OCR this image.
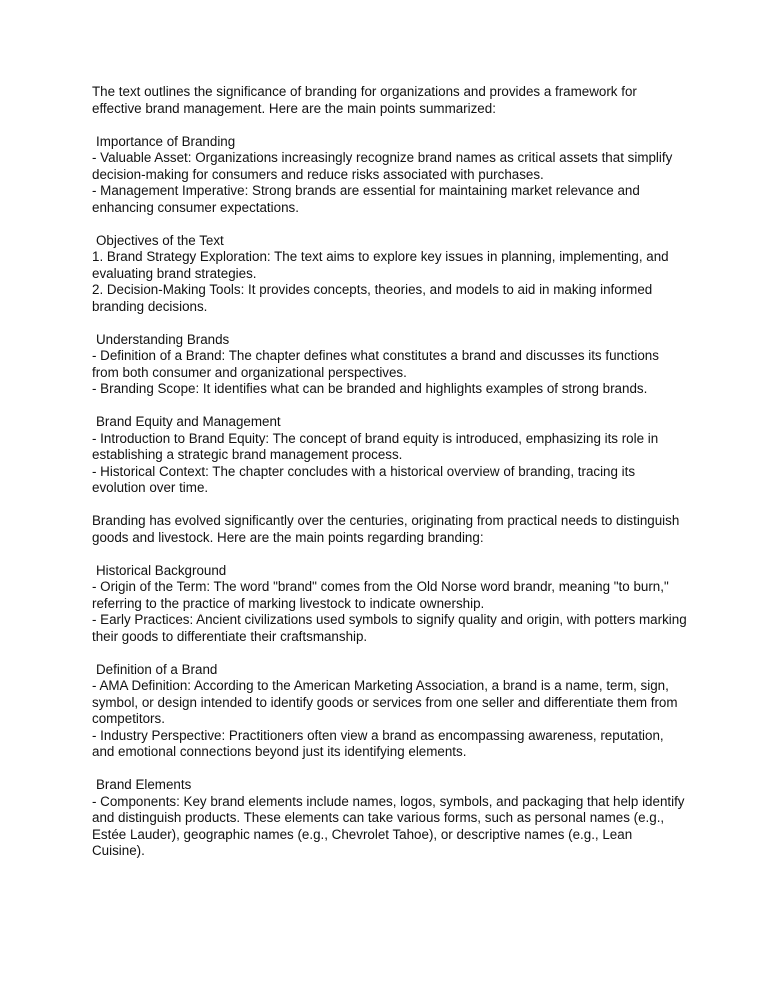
The text outlines the significance of branding for organizations and provides a framework for effective brand management. Here are the main points summarized:

Importance of Branding

- Valuable Asset: Organizations increasingly recognize brand names as critical assets that simplify decision-making for consumers and reduce risks associated with purchases.
- Management Imperative: Strong brands are essential for maintaining market relevance and enhancing consumer expectations.

Objectives of the Text

1. Brand Strategy Exploration: The text aims to explore key issues in planning, implementing, and evaluating brand strategies.
2. Decision-Making Tools: It provides concepts, theories, and models to aid in making informed branding decisions.

Understanding Brands

- Definition of a Brand: The chapter defines what constitutes a brand and discusses its functions from both consumer and organizational perspectives.
- Branding Scope: It identifies what can be branded and highlights examples of strong brands.

Brand Equity and Management

- Introduction to Brand Equity: The concept of brand equity is introduced, emphasizing its role in establishing a strategic brand management process.
- Historical Context: The chapter concludes with a historical overview of branding, tracing its evolution over time.

Branding has evolved significantly over the centuries, originating from practical needs to distinguish goods and livestock. Here are the main points regarding branding:

Historical Background

- Origin of the Term: The word "brand" comes from the Old Norse word brandr, meaning "to burn," referring to the practice of marking livestock to indicate ownership.
- Early Practices: Ancient civilizations used symbols to signify quality and origin, with potters marking their goods to differentiate their craftsmanship.

Definition of a Brand

- AMA Definition: According to the American Marketing Association, a brand is a name, term, sign, symbol, or design intended to identify goods or services from one seller and differentiate them from competitors.
- Industry Perspective: Practitioners often view a brand as encompassing awareness, reputation, and emotional connections beyond just its identifying elements.

Brand Elements

- Components: Key brand elements include names, logos, symbols, and packaging that help identify and distinguish products. These elements can take various forms, such as personal names (e.g., Estée Lauder), geographic names (e.g., Chevrolet Tahoe), or descriptive names (e.g., Lean Cuisine).
